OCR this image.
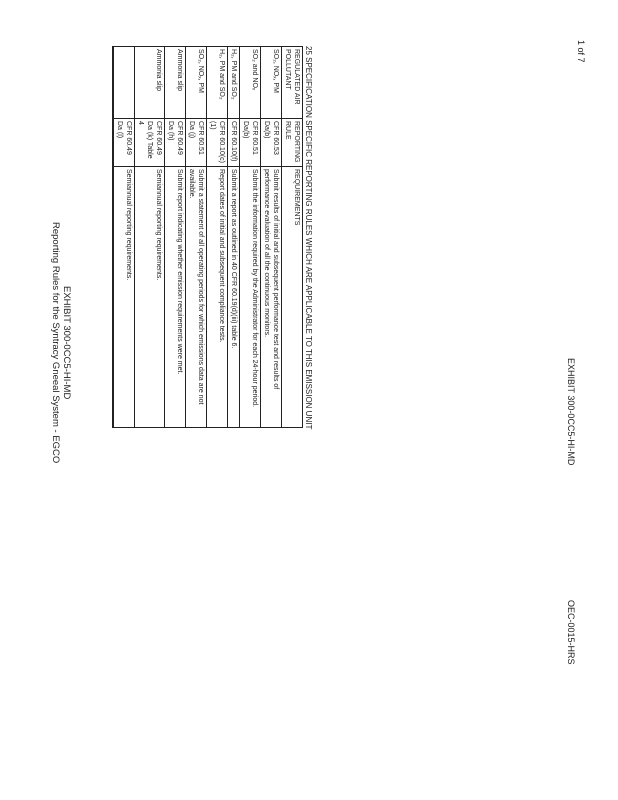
1 of 7
OEC-0015-HRS
EXHIBIT 300-0CC5-HI-MD
EXHIBIT 300-0CC5-HI-MD
Reporting Rules for the Syntracy Gneeal System - EGCO	25 SPECIFICATION SPECIFIC REPORTING RULES WHICH ARE APPLICABLE TO THIS EMISSION UNIT
REGULATED AIR POLLUTANT	REPORTING RULE	REQUIREMENTS
SO₂, NOₓ, PM	CFR 60.53 Da(b)	Submit results of initial and subsequent performance test and results of performance evaluation of all the continuous monitors.
SO₂ and NOₓ	CFR 60.51 Da(b)	Submit the information required by the Administrator for each 24-hour period.
H₂, PM and SO₂	CFR 60.10(f)	Submit a report as outlined in 40 CFR 60.19(d)(iii) table 6.
H₂, PM and SO₂	CFR 60.10(c)(1)	Report dates of initial and subsequent compliance tests.
SO₂, NOₓ, PM	CFR 60.51 Da (j)	Submit a statement of all operating periods for which emissions data are not available.
Ammonia slip	CFR 60.49 Da (h)	Submit report indicating whether emission requirements were met.
Ammonia slip	CFR 60.49 Da (k) Table 4	Semiannual reporting requirements.
	CFR 60.49 Da (l)	Semiannual reporting requirements.
